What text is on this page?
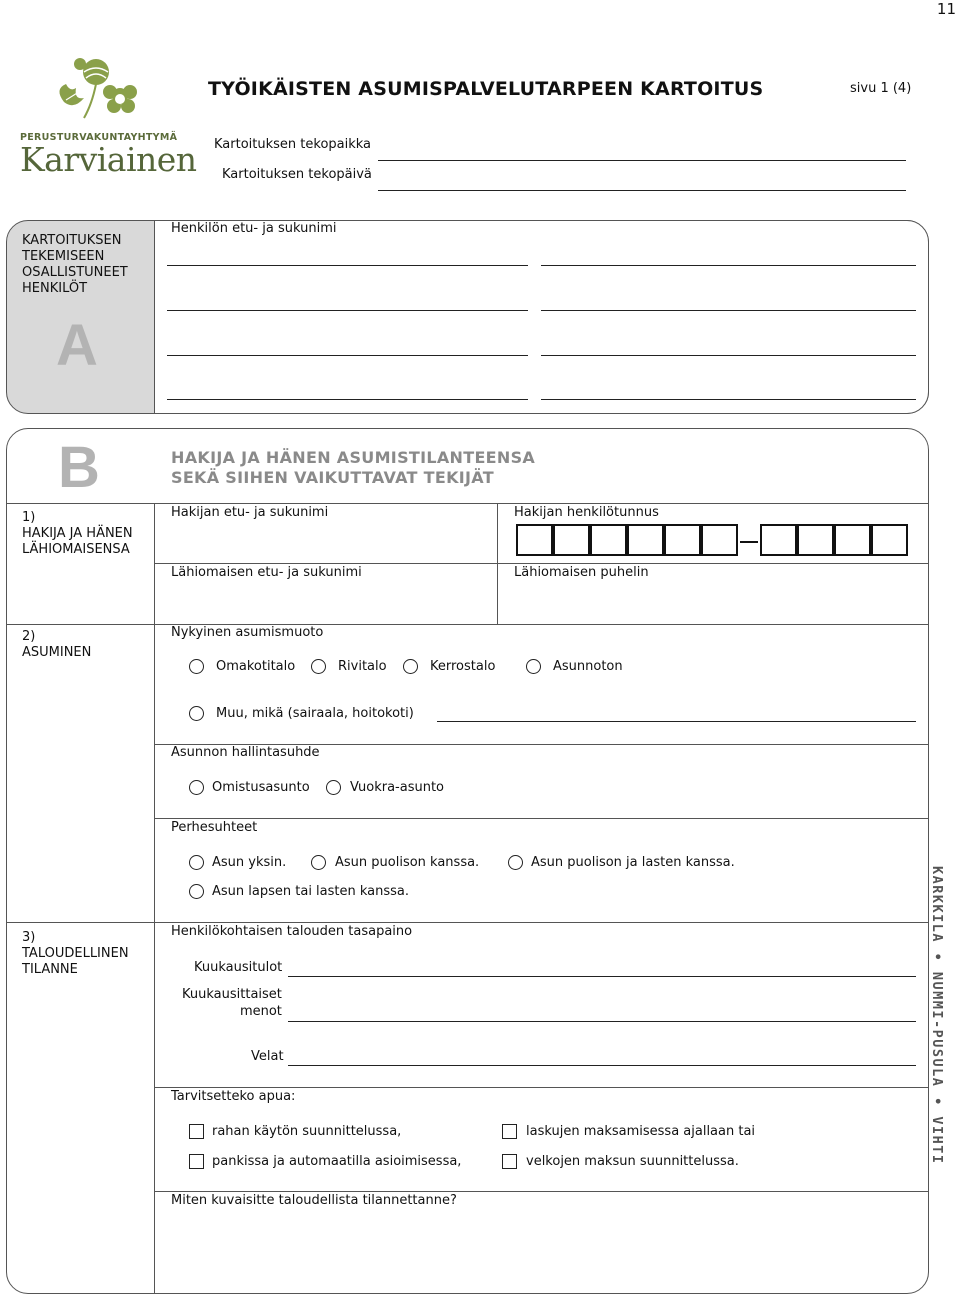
11
PERUSTURVAKUNTAYHTYMÄ
Karviainen
TYÖIKÄISTEN ASUMISPALVELUTARPEEN KARTOITUS	sivu 1 (4)
Kartoituksen tekopaikka
Kartoituksen tekopäivä
KARTOITUKSEN
TEKEMISEEN
OSALLISTUNEET
HENKILÖT
A
Henkilön etu- ja sukunimi
B	HAKIJA JA HÄNEN ASUMISTILANTEENSA
SEKÄ SIIHEN VAIKUTTAVAT TEKIJÄT
1)
HAKIJA JA HÄNEN
LÄHIOMAISENSA
Hakijan etu- ja sukunimi	Hakijan henkilötunnus
Lähiomaisen etu- ja sukunimi	Lähiomaisen puhelin
2)
ASUMINEN
Nykyinen asumismuoto
Omakotitalo	Rivitalo	Kerrostalo	Asunnoton
Muu, mikä (sairaala, hoitokoti)
Asunnon hallintasuhde
Omistusasunto	Vuokra-asunto
Perhesuhteet
Asun yksin.	Asun puolison kanssa.	Asun puolison ja lasten kanssa.
Asun lapsen tai lasten kanssa.
3)
TALOUDELLINEN
TILANNE
Henkilökohtaisen talouden tasapaino
Kuukausitulot
Kuukausittaiset
menot
Velat
Tarvitsetteko apua:
rahan käytön suunnittelussa,	laskujen maksamisessa ajallaan tai
pankissa ja automaatilla asioimisessa,	velkojen maksun suunnittelussa.
Miten kuvaisitte taloudellista tilannettanne?
KARKKILA • NUMMI-PUSULA • VIHTI
